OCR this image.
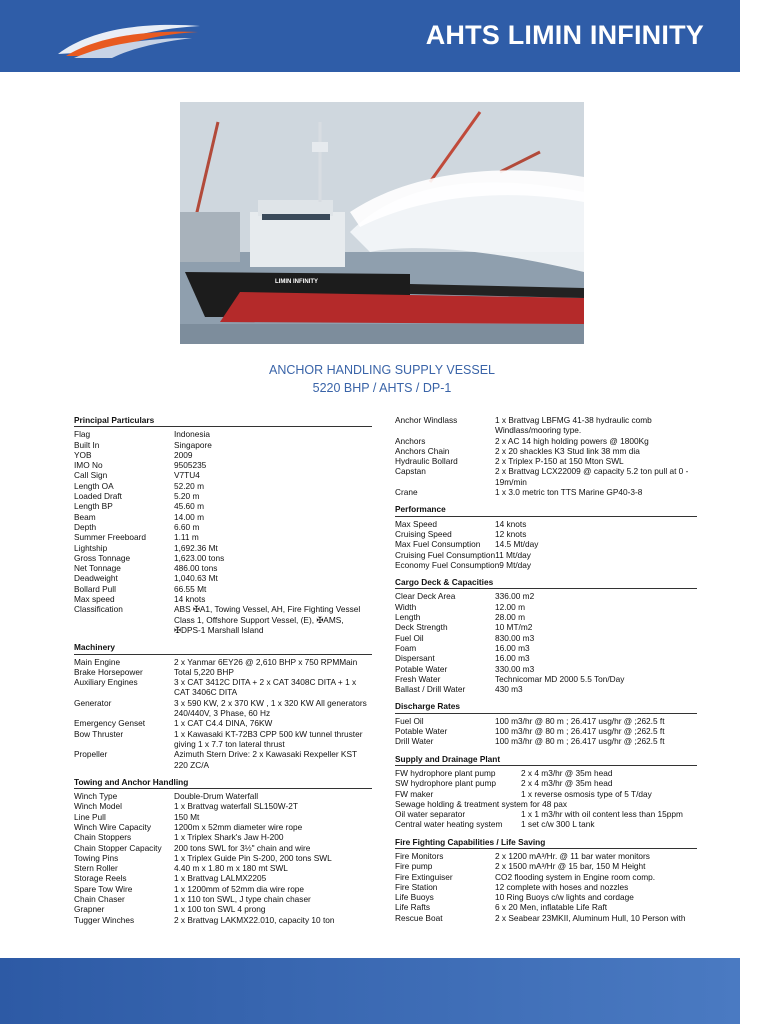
AHTS LIMIN INFINITY
LIMIN INFINITY
ANCHOR HANDLING SUPPLY VESSEL
5220 BHP / AHTS / DP-1
Principal Particulars
Flag	Indonesia
Built In	Singapore
YOB	2009
IMO No	9505235
Call Sign	V7TU4
Length OA	52.20 m
Loaded Draft	5.20 m
Length BP	45.60 m
Beam	14.00 m
Depth	6.60 m
Summer Freeboard	1.11 m
Lightship	1,692.36 Mt
Gross Tonnage	1,623.00 tons
Net Tonnage	486.00 tons
Deadweight	1,040.63 Mt
Bollard Pull	66.55 Mt
Max speed	14 knots
Classification	ABS ✠A1, Towing Vessel, AH, Fire Fighting Vessel Class 1, Offshore Support Vessel, (E), ✠AMS, ✠DPS-1 Marshall Island
Machinery
Main Engine	2 x Yanmar 6EY26 @ 2,610 BHP x 750 RPMMain
Brake Horsepower	Total 5,220 BHP
Auxiliary Engines	3 x CAT 3412C DITA + 2 x CAT 3408C DITA + 1 x CAT 3406C DITA
Generator	3 x 590 KW, 2 x 370 KW , 1 x 320 KW All generators 240/440V, 3 Phase, 60 Hz
Emergency Genset	1 x CAT C4.4 DINA, 76KW
Bow Thruster	1 x Kawasaki KT-72B3 CPP 500 kW tunnel thruster giving 1 x 7.7 ton lateral thrust
Propeller	Azimuth Stern Drive: 2 x Kawasaki Rexpeller KST 220 ZC/A
Towing and Anchor Handling
Winch Type	Double-Drum Waterfall
Winch Model	1 x Brattvag waterfall SL150W-2T
Line Pull	150 Mt
Winch Wire Capacity	1200m x 52mm diameter wire rope
Chain Stoppers	1 x Triplex Shark's Jaw H-200
Chain Stopper Capacity	200 tons SWL for 3½" chain and wire
Towing Pins	1 x Triplex Guide Pin S-200, 200 tons SWL
Stern Roller	4.40 m x 1.80 m x 180 mt SWL
Storage Reels	1 x Brattvag LALMX2205
Spare Tow Wire	1 x 1200mm of 52mm dia wire rope
Chain Chaser	1 x 110 ton SWL, J type chain chaser
Grapner	1 x 100 ton SWL 4 prong
Tugger Winches	2 x Brattvag LAKMX22.010, capacity 10 ton
Anchor Windlass	1 x Brattvag LBFMG 41-38 hydraulic comb Windlass/mooring type.
Anchors	2 x AC 14 high holding powers @ 1800Kg
Anchors Chain	2 x 20 shackles K3 Stud link 38 mm dia
Hydraulic Bollard	2 x Triplex P-150 at 150 Mton SWL
Capstan	2 x Brattvag LCX22009 @ capacity 5.2 ton pull at 0 - 19m/min
Crane	1 x 3.0 metric ton TTS Marine GP40-3-8
Performance
Max Speed	14 knots
Cruising Speed	12 knots
Max Fuel Consumption	14.5 Mt/day
Cruising Fuel Consumption 11 Mt/day
Economy Fuel Consumption 9 Mt/day
Cargo Deck & Capacities
Clear Deck Area	336.00 m2
Width	12.00 m
Length	28.00 m
Deck Strength	10 MT/m2
Fuel Oil	830.00 m3
Foam	16.00 m3
Dispersant	16.00 m3
Potable Water	330.00 m3
Fresh Water	Technicomar MD 2000 5.5 Ton/Day
Ballast / Drill Water	430 m3
Discharge Rates
Fuel Oil	100 m3/hr @ 80 m ; 26.417 usg/hr @ ;262.5 ft
Potable Water	100 m3/hr @ 80 m ; 26.417 usg/hr @ ;262.5 ft
Drill Water	100 m3/hr @ 80 m ; 26.417 usg/hr @ ;262.5 ft
Supply and Drainage Plant
FW hydrophore plant pump	2 x 4 m3/hr @ 35m head
SW hydrophore plant pump	2 x 4 m3/hr @ 35m head
FW maker	1 x reverse osmosis type of 5 T/day
Sewage holding & treatment system for 48 pax
Oil water separator	1 x 1 m3/hr with oil content less than 15ppm
Central water heating system	1 set c/w 300 L tank
Fire Fighting Capabilities / Life Saving
Fire Monitors	2 x 1200 mA³/Hr. @ 11 bar water monitors
Fire pump	2 x 1500 mA³/Hr @ 15 bar, 150 M Height
Fire Extinguiser	CO2 flooding system in Engine room comp.
Fire Station	12 complete with hoses and nozzles
Life Buoys	10 Ring Buoys c/w lights and cordage
Life Rafts	6 x 20 Men, inflatable Life Raft
Rescue Boat	2 x Seabear 23MKII, Aluminum Hull, 10 Person with
